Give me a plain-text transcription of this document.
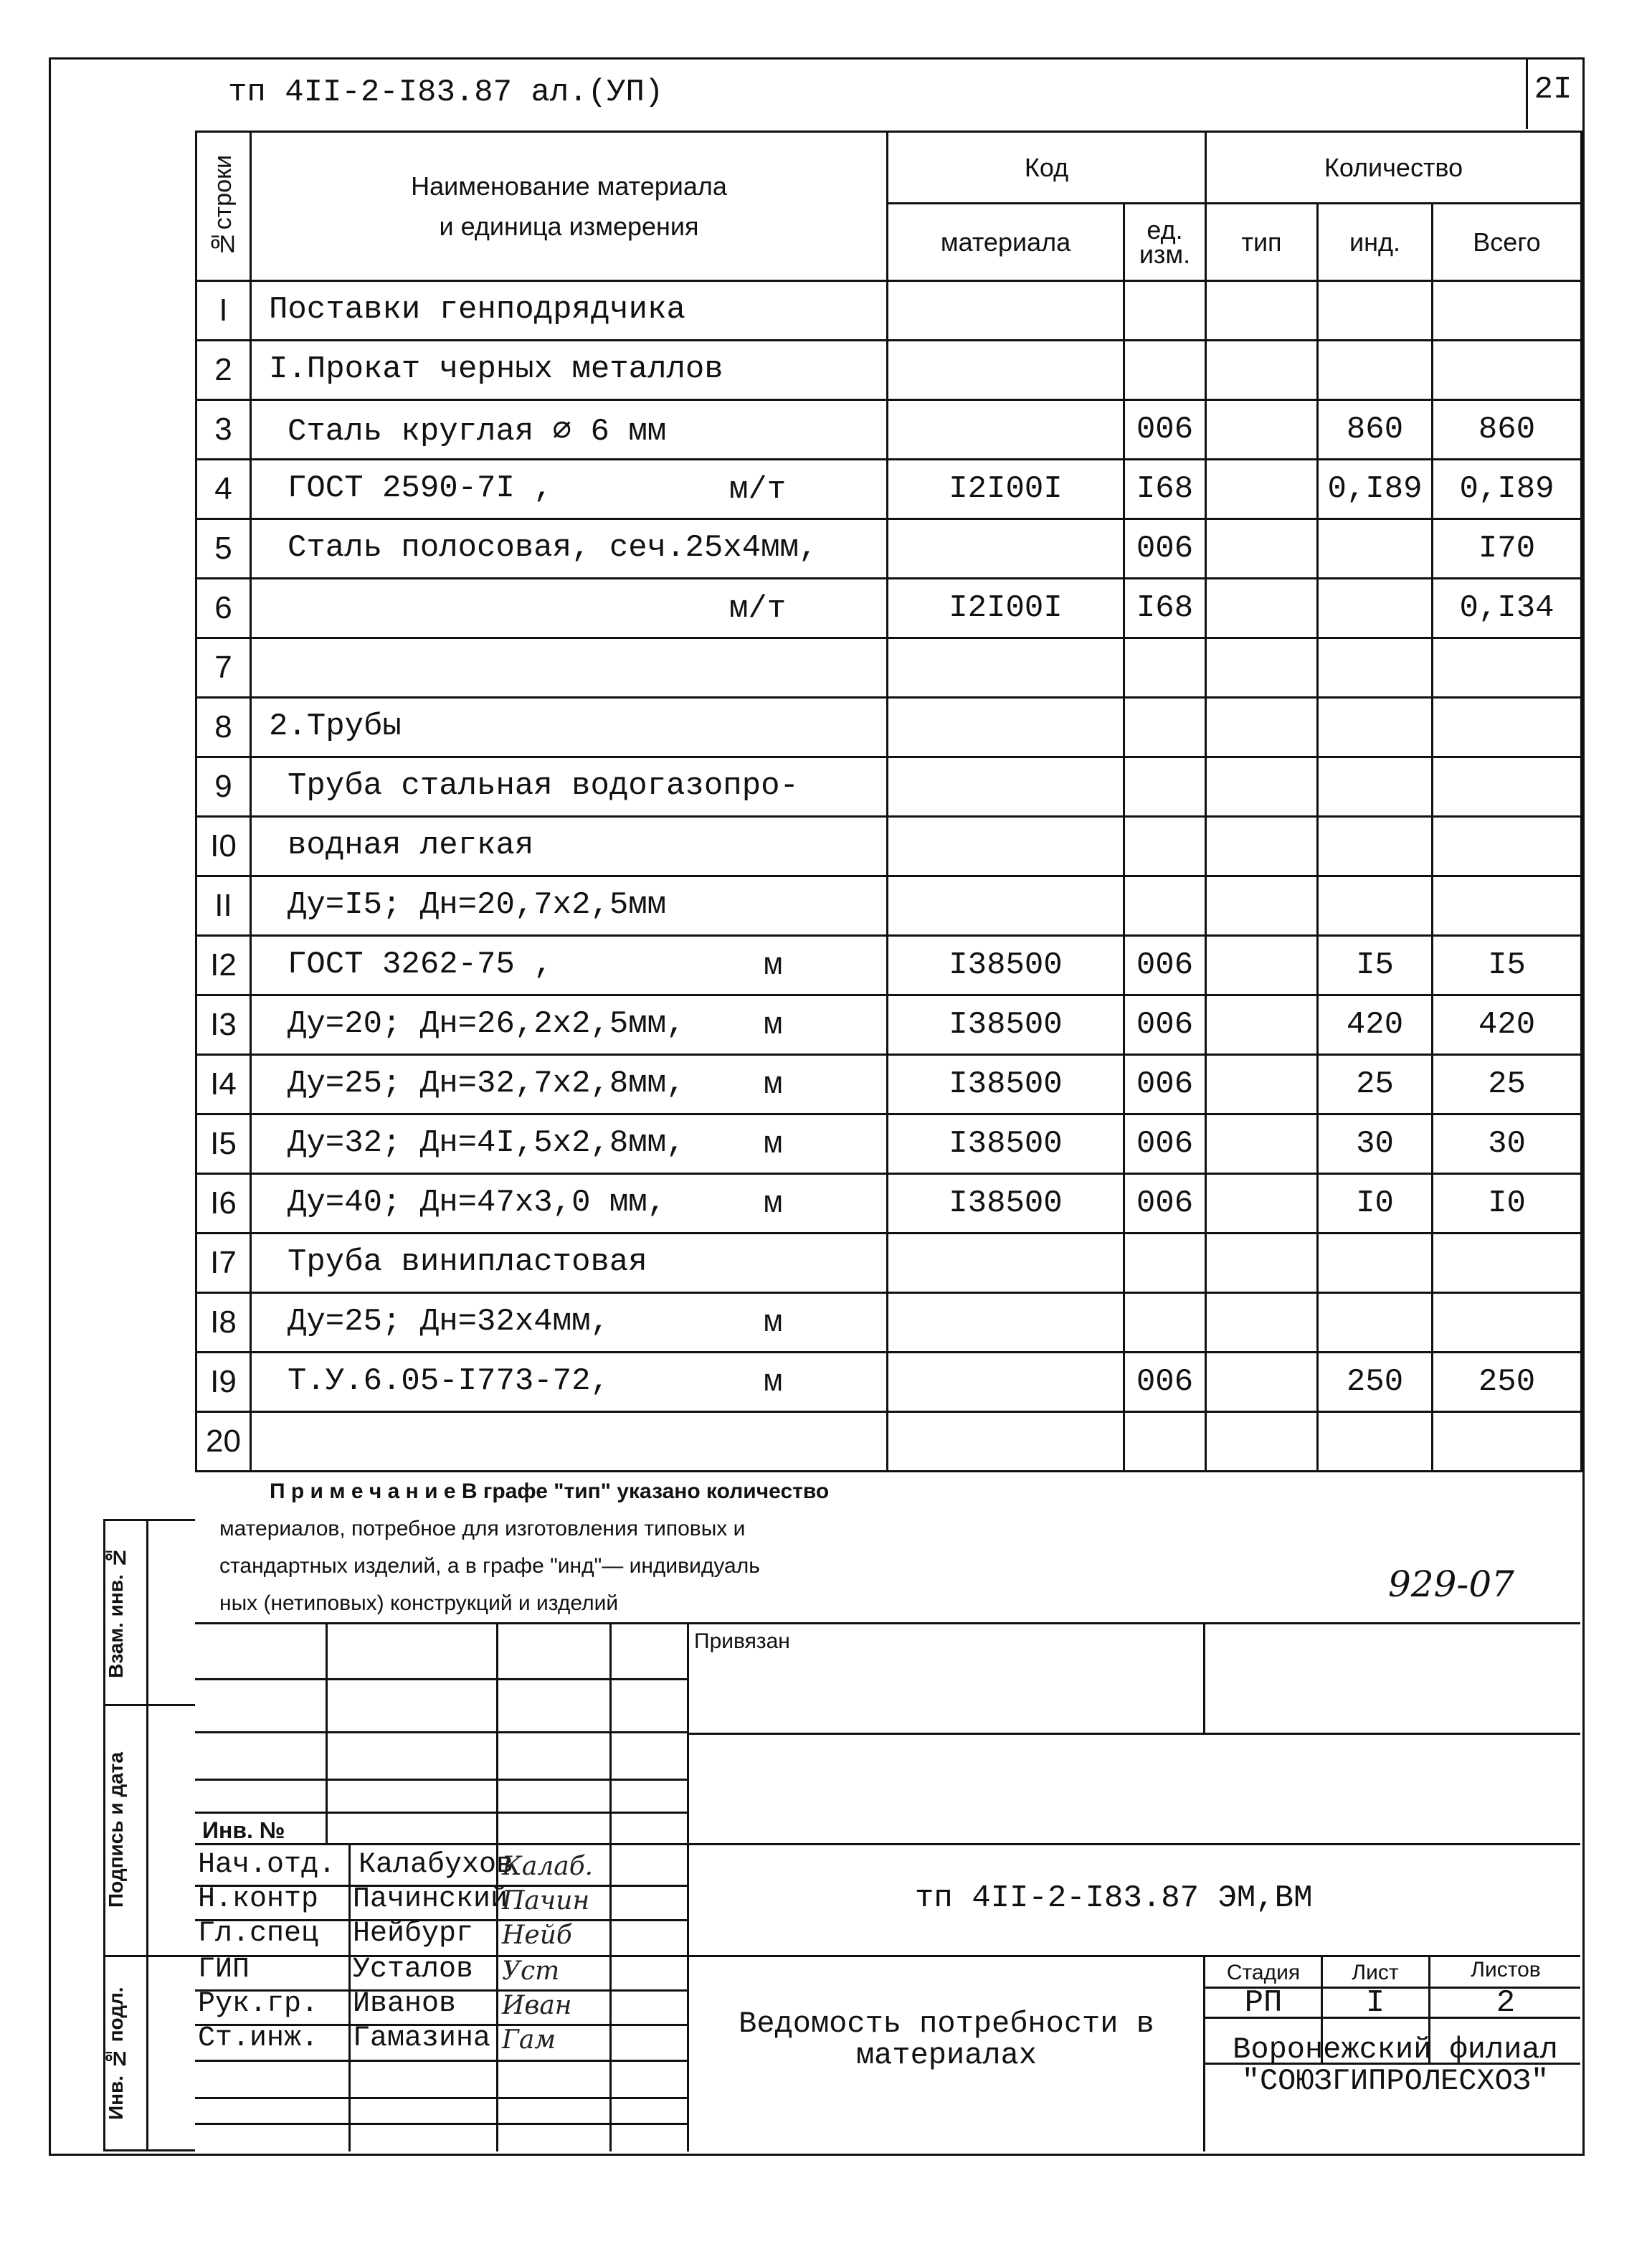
тп 4II-2-I83.87 ал.(УП)	2I
№строки	Наименование материала
и единица измерения	Код		Количество		
		материала	ед. изм.	тип	инд.	Всего
I	Поставки генподрядчика					

2	I.Прокат черных металлов					

3	Сталь круглая ∅ 6 мм		006		860	860
4	ГОСТ 2590-7I , м/т	I2I00I	I68		0,I89	0,I89
5	Сталь полосовая, сеч.25х4мм,		006			I70
6	м/т	I2I00I	I68			0,I34
7	

8	2.Трубы					

9	Труба стальная водогазопро-					

I0	водная легкая					

II	Ду=I5; Дн=20,7х2,5мм					

I2	ГОСТ 3262-75 , м	I38500	006		I5	I5
I3	Ду=20; Дн=26,2х2,5мм, м	I38500	006		420	420
I4	Ду=25; Дн=32,7х2,8мм, м	I38500	006		25	25
I5	Ду=32; Дн=4I,5х2,8мм, м	I38500	006		30	30
I6	Ду=40; Дн=47х3,0 мм, м	I38500	006		I0	I0
I7	Труба винипластовая					

I8	Ду=25; Дн=32х4мм, м					

I9	Т.У.6.05-I773-72, м		006		250	250
20	

П р и м е ч а н и е В графе "тип" указано количество
материалов, потребное для изготовления типовых и
стандартных изделий, а в графе "инд"— индивидуаль
ных (нетиповых) конструкций и изделий	929-07
Привязан
Инв. №
тп 4II-2-I83.87 ЭМ,ВМ
Ведомость потребности в
материалах
Стадия	Лист	Листов
РП	I	2
Воронежский филиал
"СОЮЗГИПРОЛЕСХОЗ"
Нач.отд. Калабухов
Калаб.
Н.контр Пачинский
Пачин
Гл.спец Нейбург Нейб
ГИП	Усталов Уст
Рук.гр. Иванов Иван
Ст.инж. Гамазина Гам
Взам. инв. №
Подпись и дата
Инв. № подл.
